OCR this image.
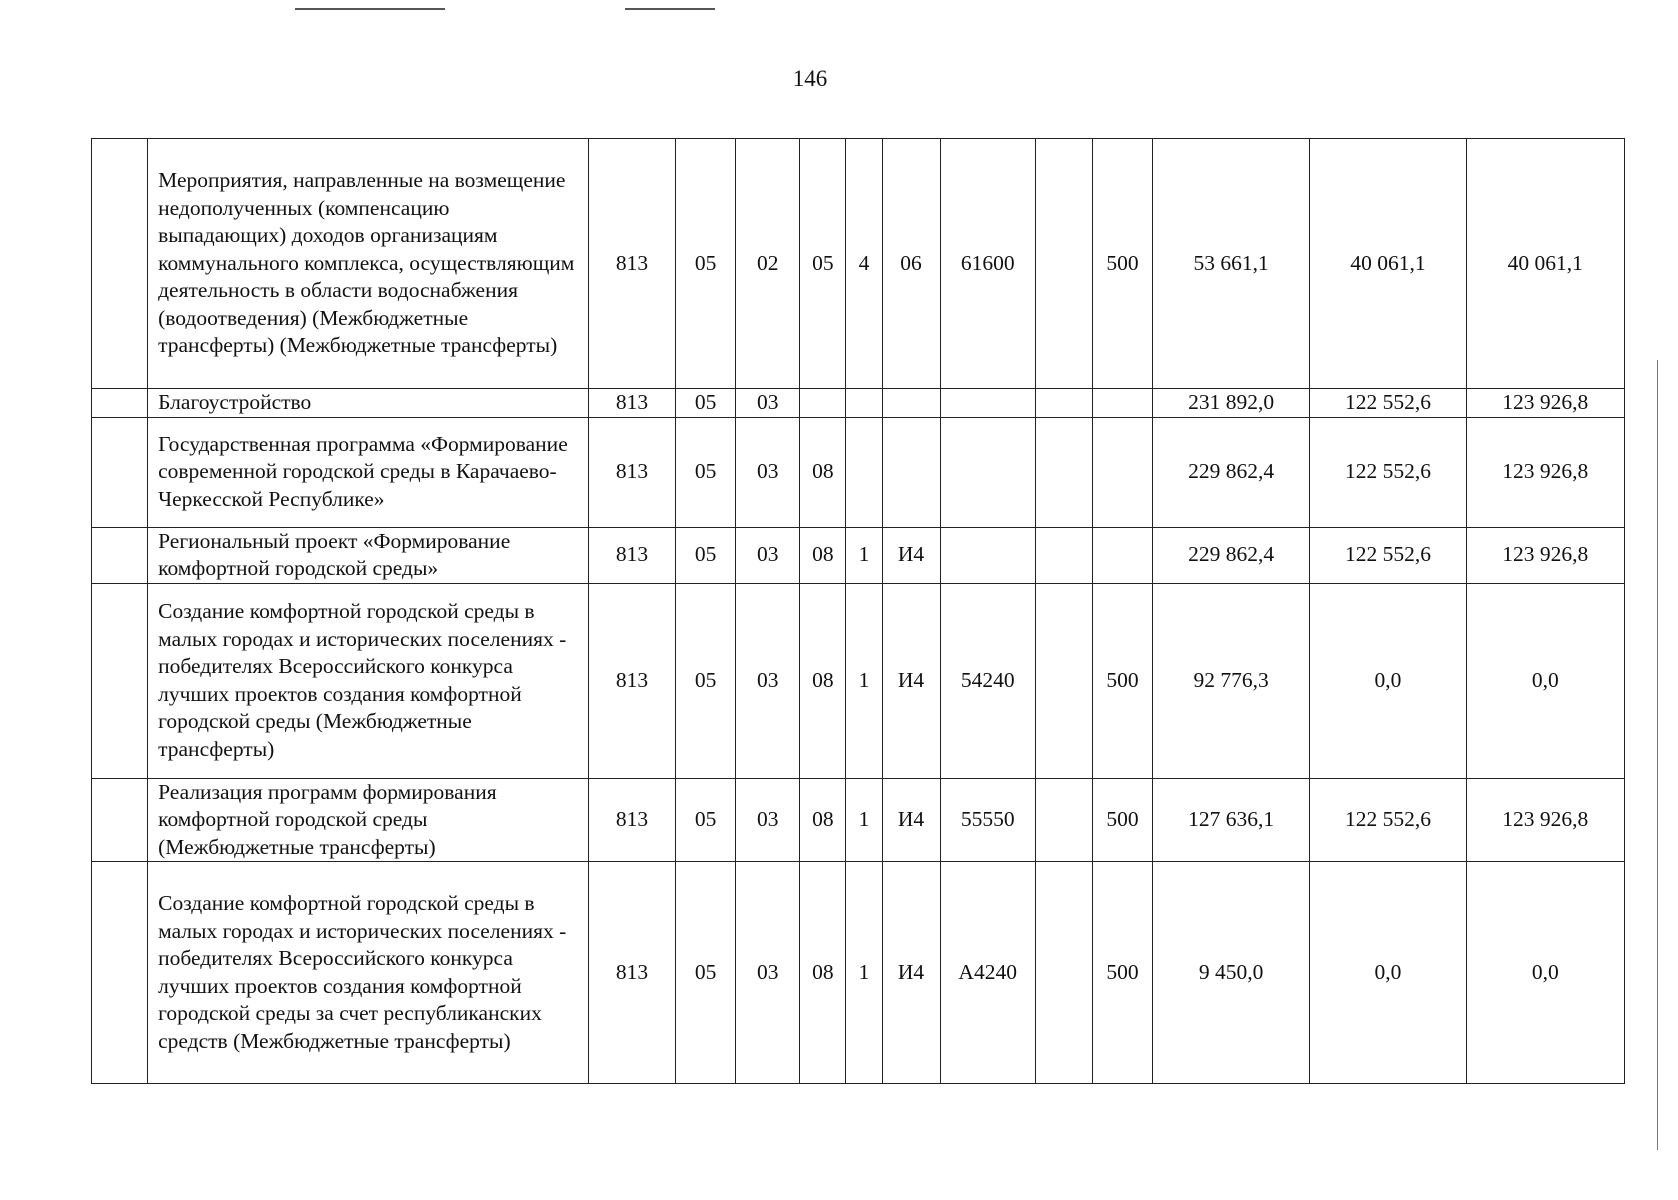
146
	Мероприятия, направленные на возмещение недополученных (компенсацию выпадающих) доходов организациям коммунального комплекса, осуществляющим деятельность в области водоснабжения (водоотведения) (Межбюджетные трансферты) (Межбюджетные трансферты)	813	05	02	05	4	06	61600		500	53 661,1	40 061,1	40 061,1
	Благоустройство	813	05	03							231 892,0	122 552,6	123 926,8
	Государственная программа «Формирование современной городской среды в Карачаево-Черкесской Республике»	813	05	03	08						229 862,4	122 552,6	123 926,8
	Региональный проект «Формирование комфортной городской среды»	813	05	03	08	1	И4				229 862,4	122 552,6	123 926,8
	Создание комфортной городской среды в малых городах и исторических поселениях - победителях Всероссийского конкурса лучших проектов создания комфортной городской среды (Межбюджетные трансферты)	813	05	03	08	1	И4	54240		500	92 776,3	0,0	0,0
	Реализация программ формирования комфортной городской среды (Межбюджетные трансферты)	813	05	03	08	1	И4	55550		500	127 636,1	122 552,6	123 926,8
	Создание комфортной городской среды в малых городах и исторических поселениях - победителях Всероссийского конкурса лучших проектов создания комфортной городской среды за счет республиканских средств (Межбюджетные трансферты)	813	05	03	08	1	И4	А4240		500	9 450,0	0,0	0,0
